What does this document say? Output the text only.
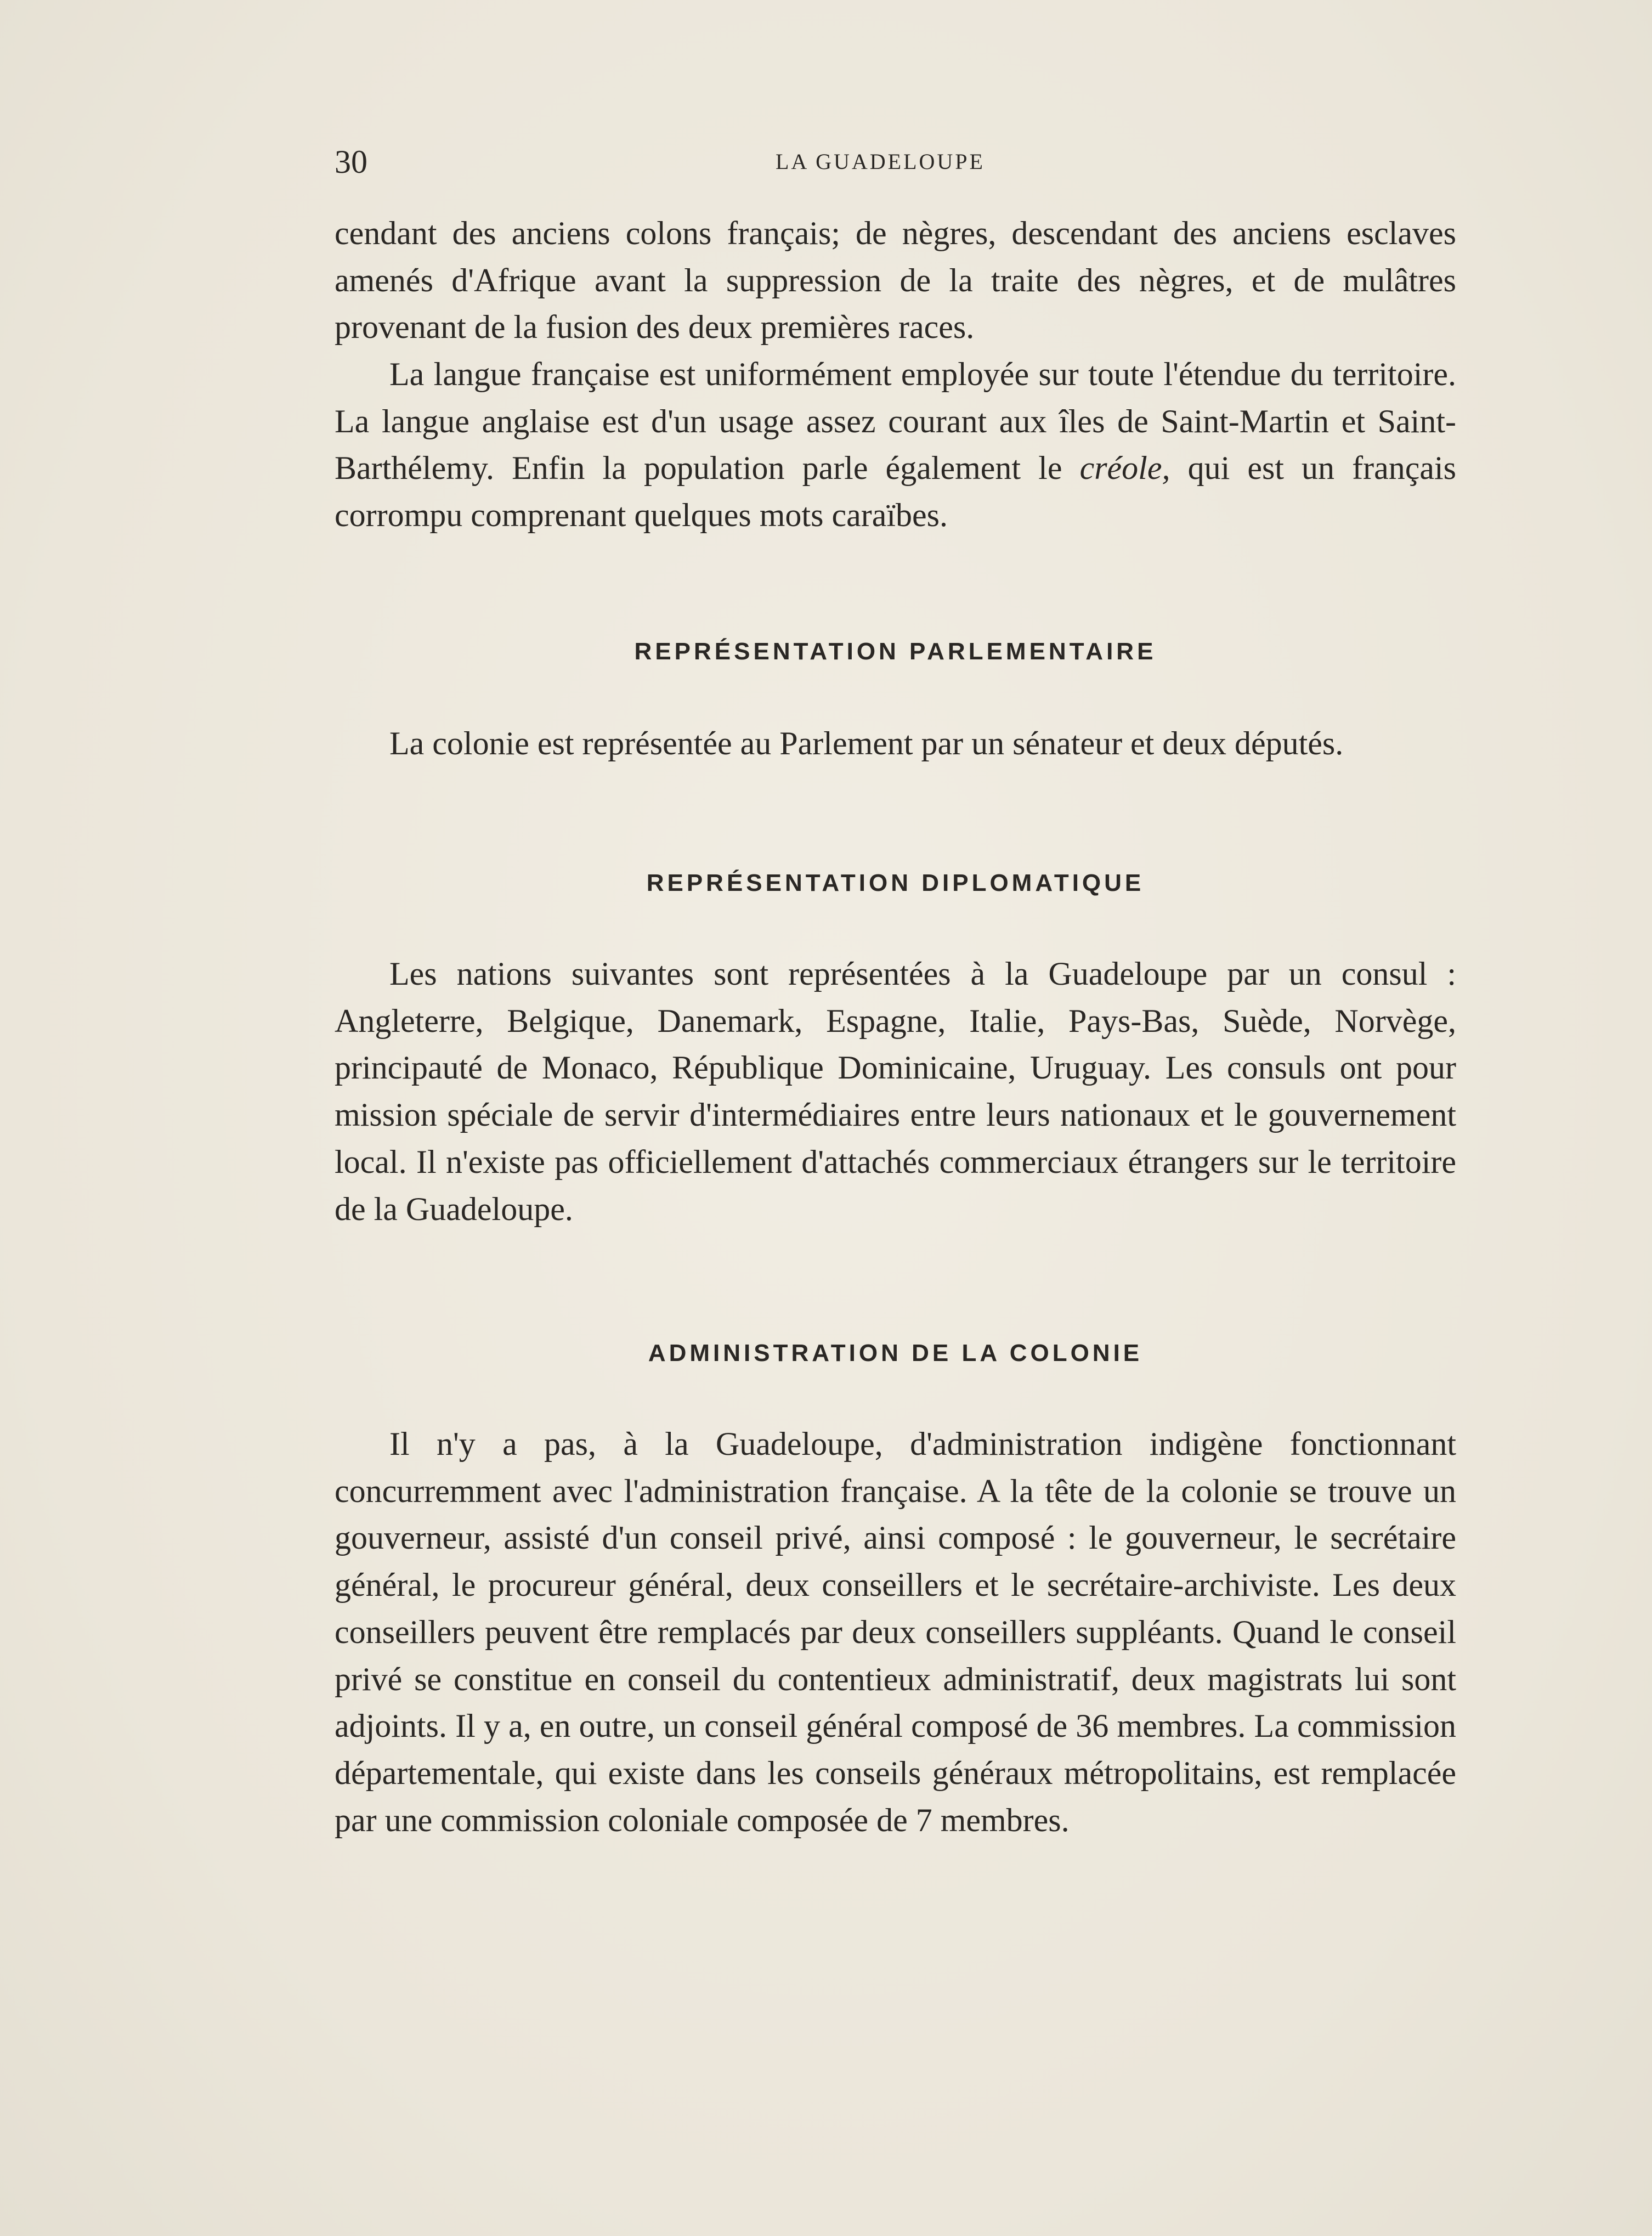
30	LA GUADELOUPE

cendant des anciens colons français; de nègres, descendant des anciens esclaves amenés d'Afrique avant la suppression de la traite des nègres, et de mulâtres provenant de la fusion des deux premières races.

La langue française est uniformément employée sur toute l'étendue du territoire. La langue anglaise est d'un usage assez courant aux îles de Saint-Martin et Saint-Barthélemy. Enfin la population parle également le créole, qui est un français corrompu comprenant quelques mots caraïbes.

REPRÉSENTATION PARLEMENTAIRE

La colonie est représentée au Parlement par un sénateur et deux députés.

REPRÉSENTATION DIPLOMATIQUE

Les nations suivantes sont représentées à la Guadeloupe par un consul : Angleterre, Belgique, Danemark, Espagne, Italie, Pays-Bas, Suède, Norvège, principauté de Monaco, République Dominicaine, Uruguay. Les consuls ont pour mission spéciale de servir d'intermédiaires entre leurs nationaux et le gouvernement local. Il n'existe pas officiellement d'attachés commerciaux étrangers sur le territoire de la Guadeloupe.

ADMINISTRATION DE LA COLONIE

Il n'y a pas, à la Guadeloupe, d'administration indigène fonctionnant concurremment avec l'administration française. A la tête de la colonie se trouve un gouverneur, assisté d'un conseil privé, ainsi composé : le gouverneur, le secrétaire général, le procureur général, deux conseillers et le secrétaire-archiviste. Les deux conseillers peuvent être remplacés par deux conseillers suppléants. Quand le conseil privé se constitue en conseil du contentieux administratif, deux magistrats lui sont adjoints. Il y a, en outre, un conseil général composé de 36 membres. La commission départementale, qui existe dans les conseils généraux métropolitains, est remplacée par une commission coloniale composée de 7 membres.
